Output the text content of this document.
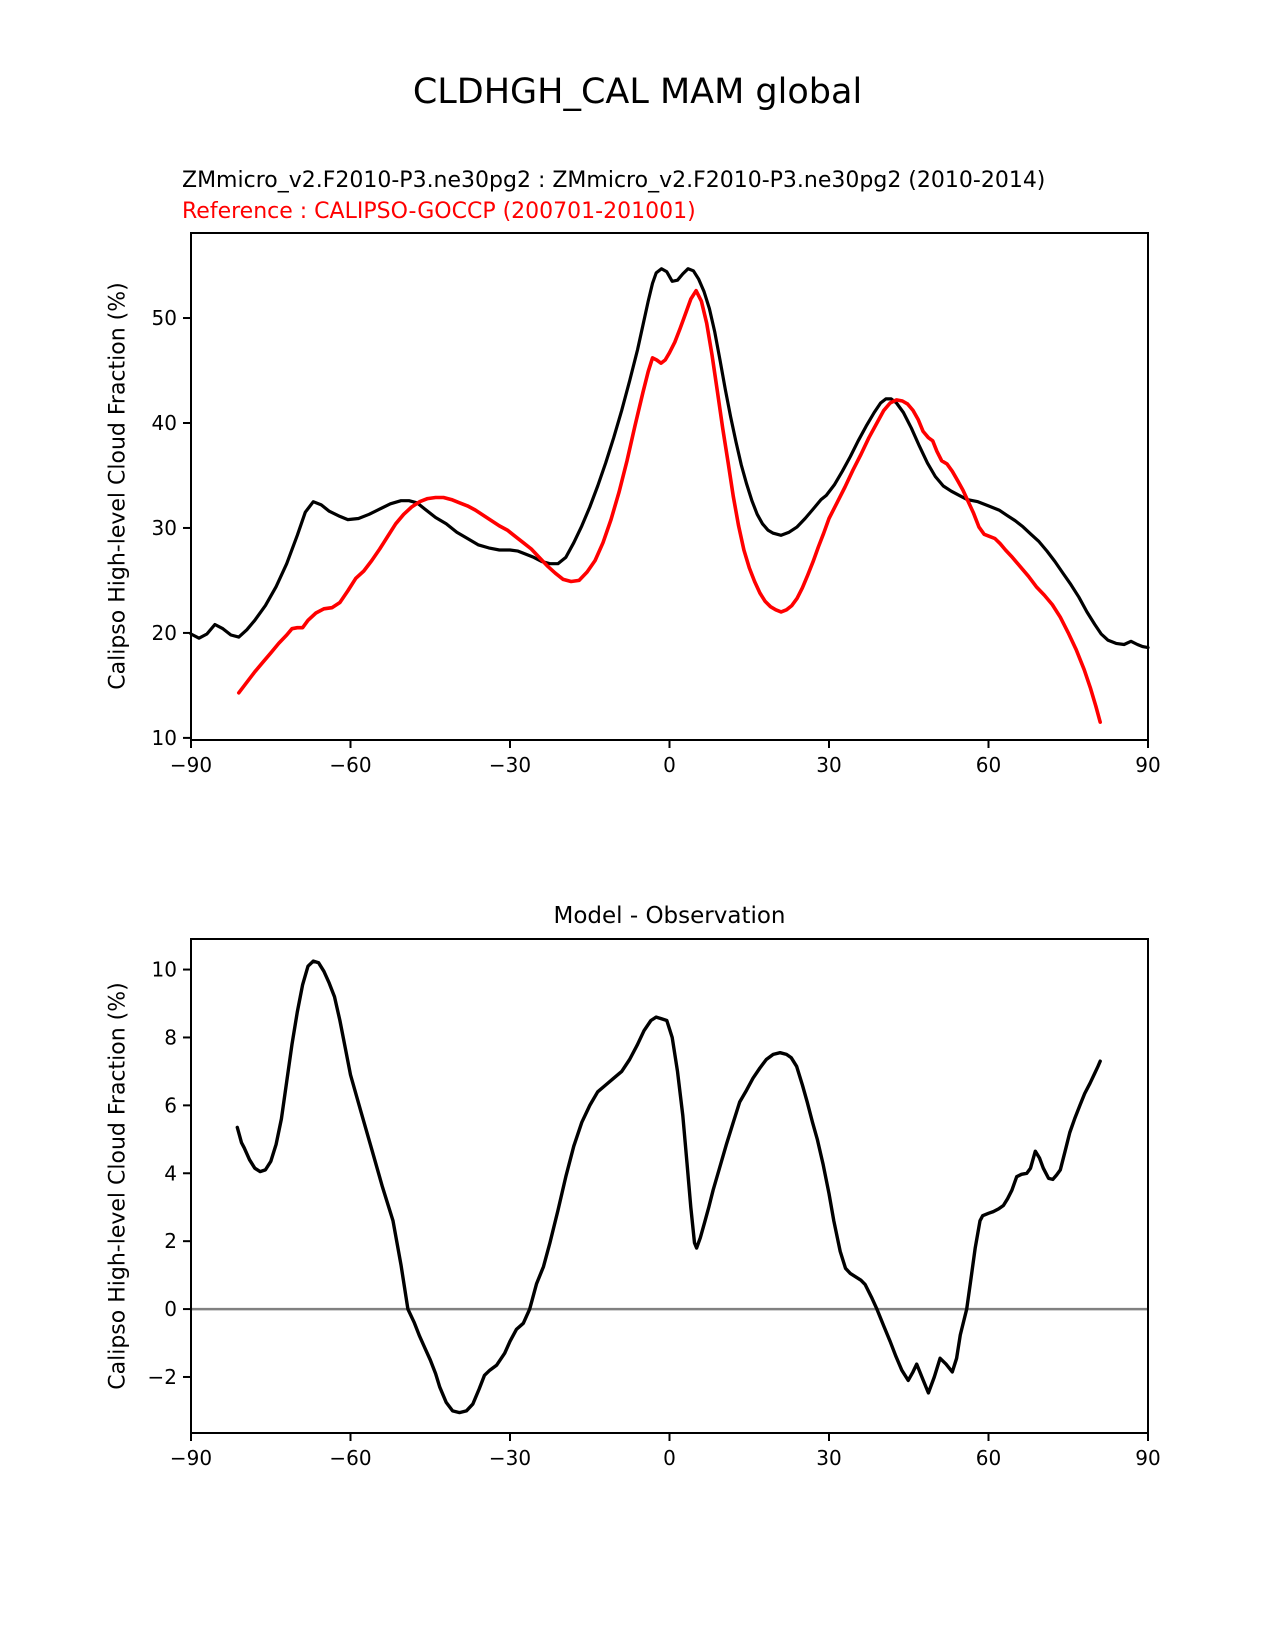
CLDHGH_CAL MAM global
ZMmicro_v2.F2010-P3.ne30pg2 : ZMmicro_v2.F2010-P3.ne30pg2 (2010-2014)
Reference : CALIPSO-GOCCP (200701-201001)
Calipso High-level Cloud Fraction (%)
Model - Observation
Calipso High-level Cloud Fraction (%)
−90	−60	−30	0	30	60	90
10
20
30
40
50
−90	−60	−30	0	30	60	90
−2
0
2
4
6
8
10
